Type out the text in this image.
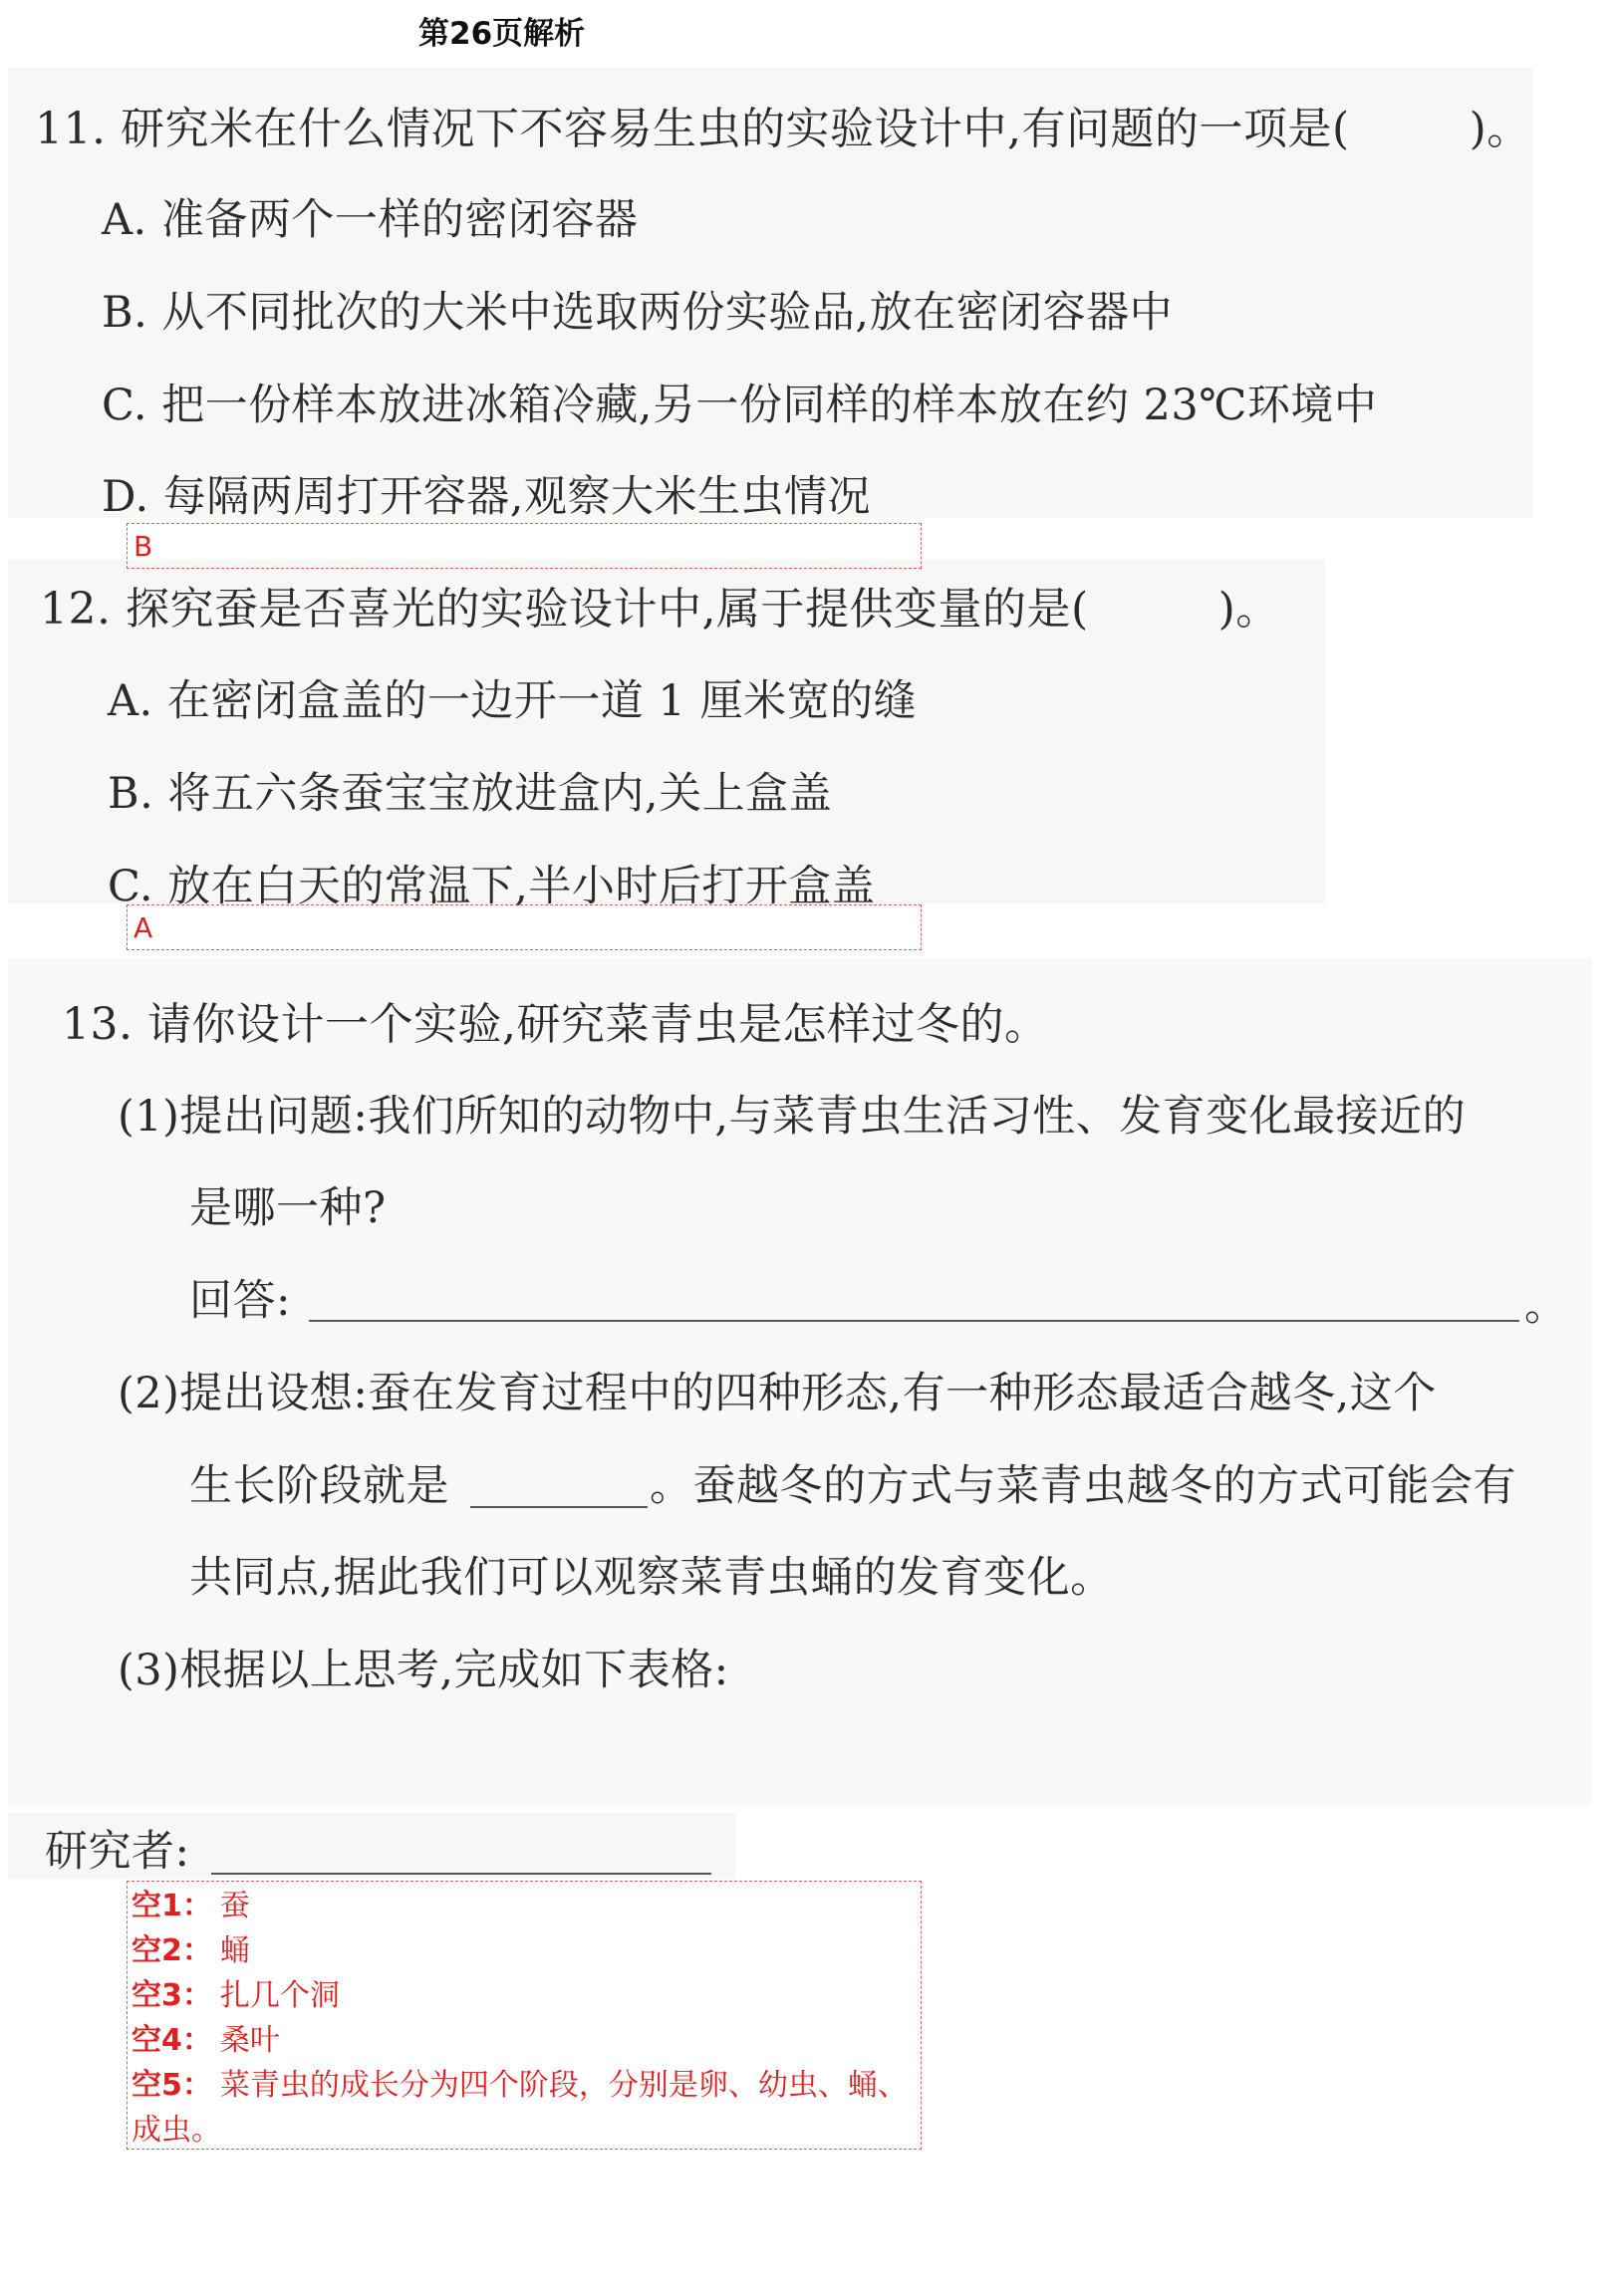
第26页解析
11. 研究米在什么情况下不容易生虫的实验设计中,有问题的一项是(	)。
A. 准备两个一样的密闭容器
B. 从不同批次的大米中选取两份实验品,放在密闭容器中
C. 把一份样本放进冰箱冷藏,另一份同样的样本放在约 23℃环境中
D. 每隔两周打开容器,观察大米生虫情况
B
12. 探究蚕是否喜光的实验设计中,属于提供变量的是(	)。
A. 在密闭盒盖的一边开一道 1 厘米宽的缝
B. 将五六条蚕宝宝放进盒内,关上盒盖
C. 放在白天的常温下,半小时后打开盒盖
A
13. 请你设计一个实验,研究菜青虫是怎样过冬的。
(1)提出问题:我们所知的动物中,与菜青虫生活习性、发育变化最接近的
是哪一种?
回答:	。
(2)提出设想:蚕在发育过程中的四种形态,有一种形态最适合越冬,这个
生长阶段就是	。蚕越冬的方式与菜青虫越冬的方式可能会有
共同点,据此我们可以观察菜青虫蛹的发育变化。
(3)根据以上思考,完成如下表格:
研究者:
空1： 蚕
空2： 蛹
空3： 扎几个洞
空4： 桑叶
空5： 菜青虫的成长分为四个阶段，分别是卵、幼虫、蛹、成虫。
